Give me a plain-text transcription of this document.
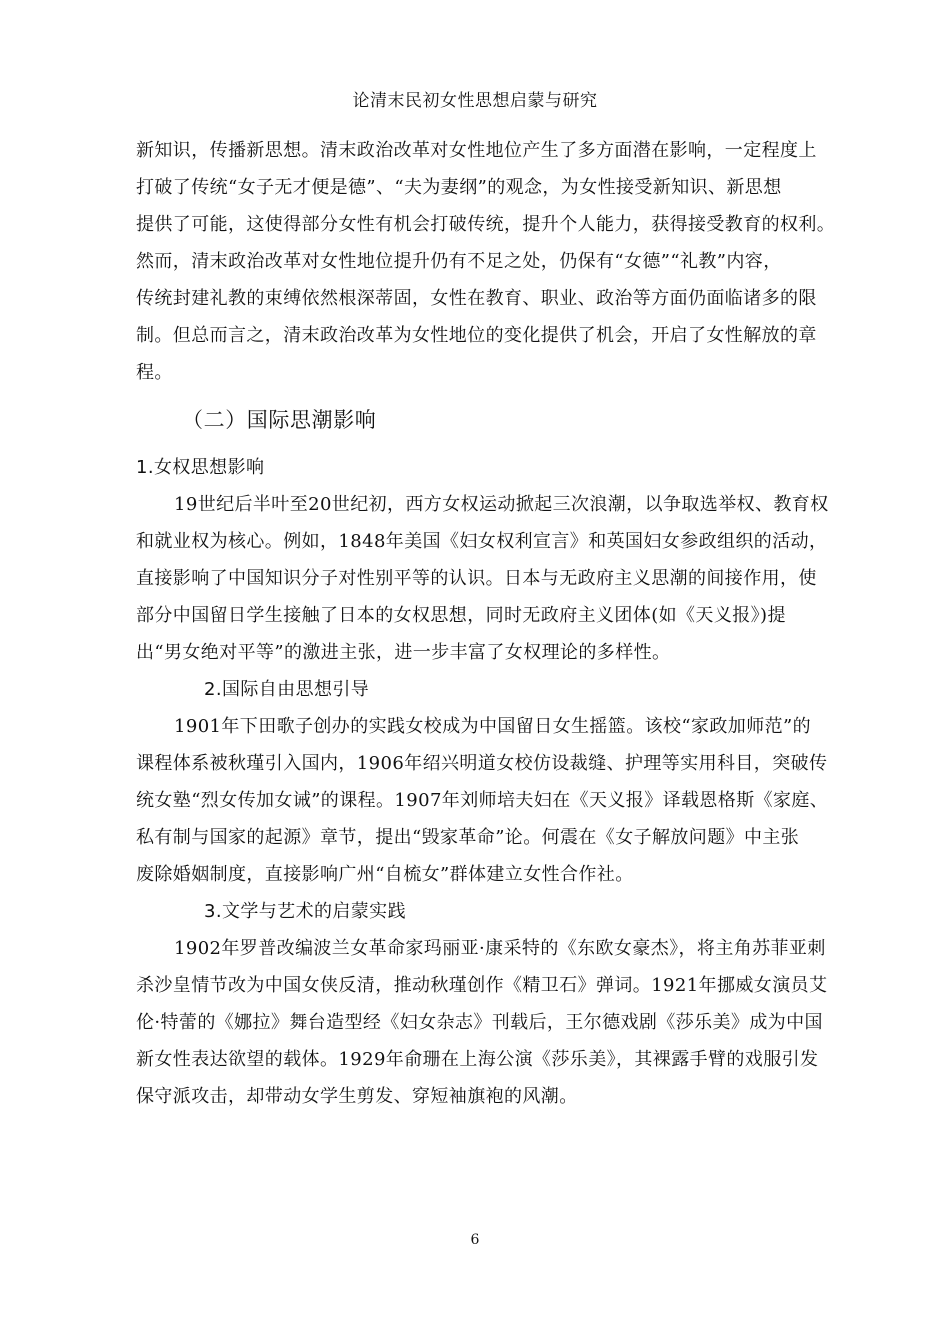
论清末民初女性思想启蒙与研究
新知识，传播新思想。清末政治改革对女性地位产生了多方面潜在影响，一定程度上
打破了传统“女子无才便是德”、“夫为妻纲”的观念，为女性接受新知识、新思想
提供了可能，这使得部分女性有机会打破传统，提升个人能力，获得接受教育的权利。
然而，清末政治改革对女性地位提升仍有不足之处，仍保有“女德”“礼教”内容，
传统封建礼教的束缚依然根深蒂固，女性在教育、职业、政治等方面仍面临诸多的限
制。但总而言之，清末政治改革为女性地位的变化提供了机会，开启了女性解放的章
程。
（二）国际思潮影响
1.女权思想影响
19世纪后半叶至20世纪初，西方女权运动掀起三次浪潮，以争取选举权、教育权
和就业权为核心。例如，1848年美国《妇女权利宣言》和英国妇女参政组织的活动，
直接影响了中国知识分子对性别平等的认识。日本与无政府主义思潮的间接作用，使
部分中国留日学生接触了日本的女权思想，同时无政府主义团体(如《天义报》)提
出“男女绝对平等”的激进主张，进一步丰富了女权理论的多样性。
2.国际自由思想引导
1901年下田歌子创办的实践女校成为中国留日女生摇篮。该校“家政加师范”的
课程体系被秋瑾引入国内，1906年绍兴明道女校仿设裁缝、护理等实用科目，突破传
统女塾“烈女传加女诫”的课程。1907年刘师培夫妇在《天义报》译载恩格斯《家庭、
私有制与国家的起源》章节，提出“毁家革命”论。何震在《女子解放问题》中主张
废除婚姻制度，直接影响广州“自梳女”群体建立女性合作社。
3.文学与艺术的启蒙实践
1902年罗普改编波兰女革命家玛丽亚·康采特的《东欧女豪杰》，将主角苏菲亚刺
杀沙皇情节改为中国女侠反清，推动秋瑾创作《精卫石》弹词。1921年挪威女演员艾
伦·特蕾的《娜拉》舞台造型经《妇女杂志》刊载后，王尔德戏剧《莎乐美》成为中国
新女性表达欲望的载体。1929年俞珊在上海公演《莎乐美》，其裸露手臂的戏服引发
保守派攻击，却带动女学生剪发、穿短袖旗袍的风潮。
6
